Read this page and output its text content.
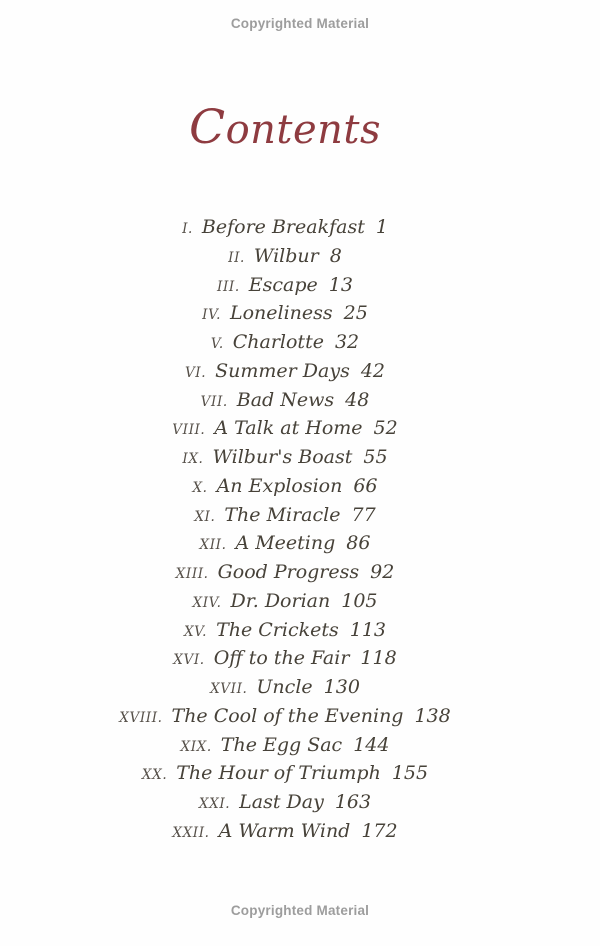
Copyrighted Material
Contents
I. Before Breakfast 1
II. Wilbur 8
III. Escape 13
IV. Loneliness 25
V. Charlotte 32
VI. Summer Days 42
VII. Bad News 48
VIII. A Talk at Home 52
IX. Wilbur's Boast 55
X. An Explosion 66
XI. The Miracle 77
XII. A Meeting 86
XIII. Good Progress 92
XIV. Dr. Dorian 105
XV. The Crickets 113
XVI. Off to the Fair 118
XVII. Uncle 130
XVIII. The Cool of the Evening 138
XIX. The Egg Sac 144
XX. The Hour of Triumph 155
XXI. Last Day 163
XXII. A Warm Wind 172
Copyrighted Material
